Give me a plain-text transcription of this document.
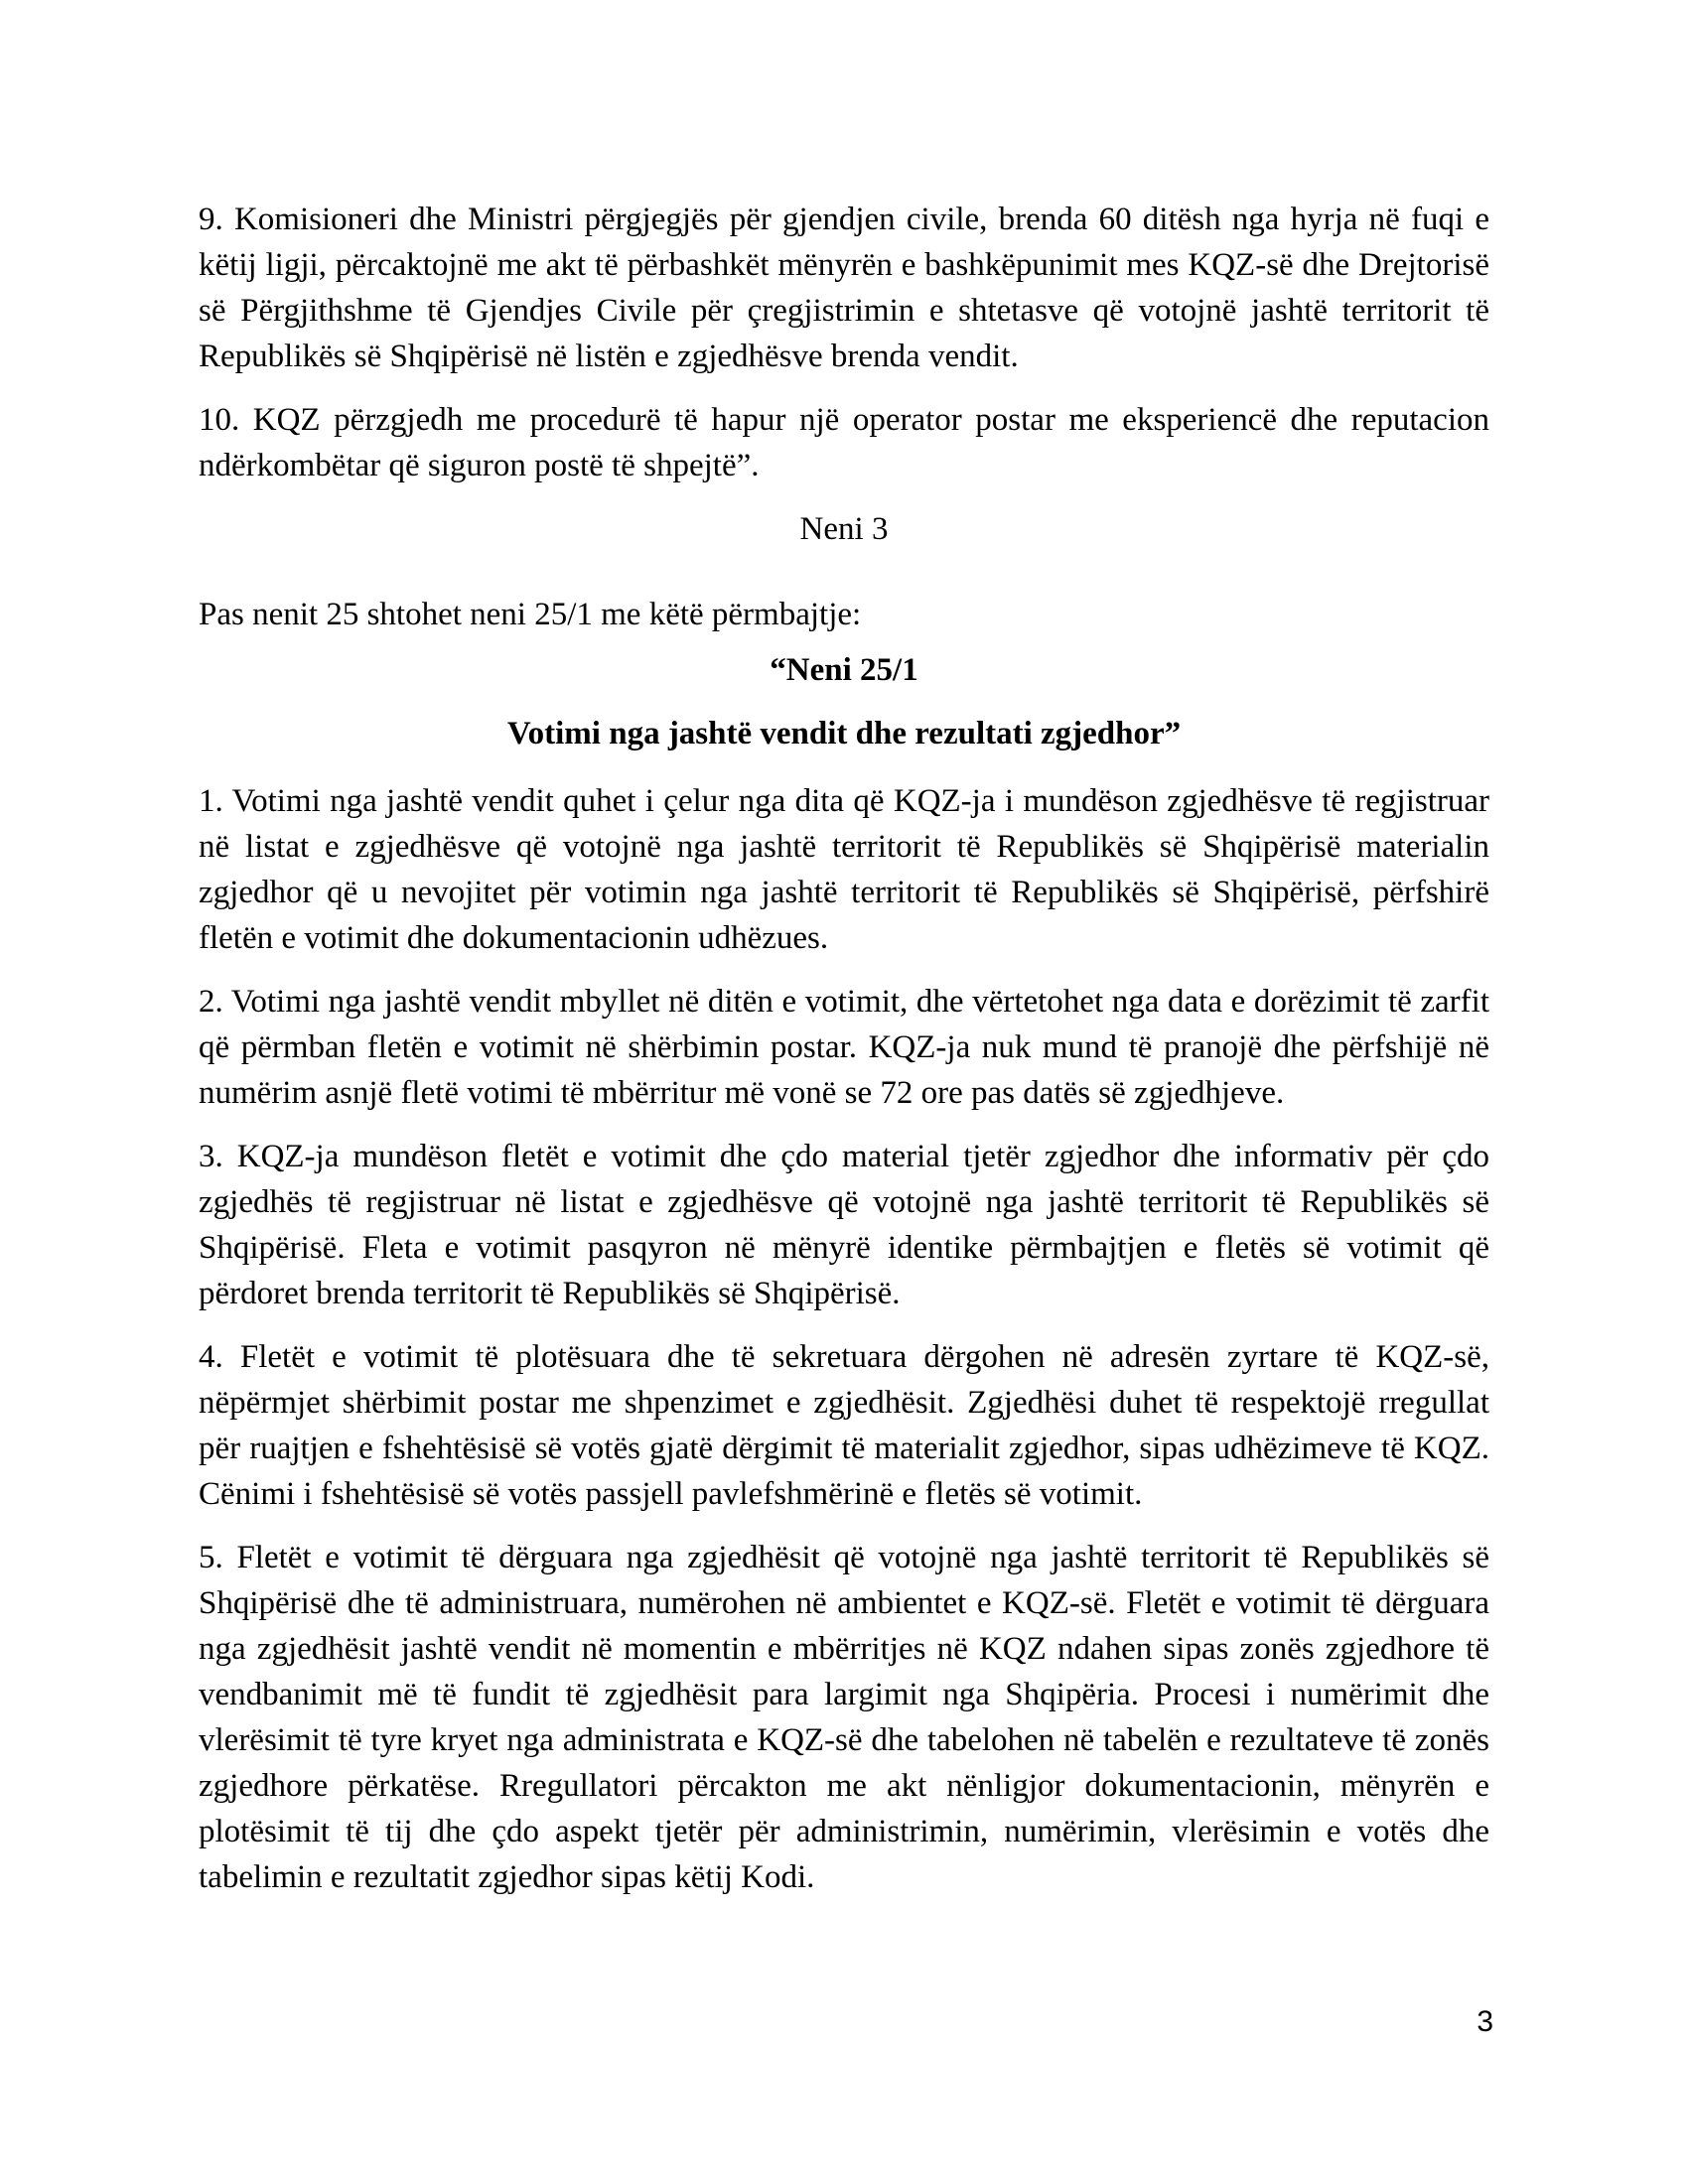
9. Komisioneri dhe Ministri përgjegjës për gjendjen civile, brenda 60 ditësh nga hyrja në fuqi e këtij ligji, përcaktojnë me akt të përbashkët mënyrën e bashkëpunimit mes KQZ-së dhe Drejtorisë së Përgjithshme të Gjendjes Civile për çregjistrimin e shtetasve që votojnë jashtë territorit të Republikës së Shqipërisë në listën e zgjedhësve brenda vendit.

10. KQZ përzgjedh me procedurë të hapur një operator postar me eksperiencë dhe reputacion ndërkombëtar që siguron postë të shpejtë”.

Neni 3

Pas nenit 25 shtohet neni 25/1 me këtë përmbajtje:

“Neni 25/1

Votimi nga jashtë vendit dhe rezultati zgjedhor”

1. Votimi nga jashtë vendit quhet i çelur nga dita që KQZ-ja i mundëson zgjedhësve të regjistruar në listat e zgjedhësve që votojnë nga jashtë territorit të Republikës së Shqipërisë materialin zgjedhor që u nevojitet për votimin nga jashtë territorit të Republikës së Shqipërisë, përfshirë fletën e votimit dhe dokumentacionin udhëzues.

2. Votimi nga jashtë vendit mbyllet në ditën e votimit, dhe vërtetohet nga data e dorëzimit të zarfit që përmban fletën e votimit në shërbimin postar. KQZ-ja nuk mund të pranojë dhe përfshijë në numërim asnjë fletë votimi të mbërritur më vonë se 72 ore pas datës së zgjedhjeve.

3. KQZ-ja mundëson fletët e votimit dhe çdo material tjetër zgjedhor dhe informativ për çdo zgjedhës të regjistruar në listat e zgjedhësve që votojnë nga jashtë territorit të Republikës së Shqipërisë. Fleta e votimit pasqyron në mënyrë identike përmbajtjen e fletës së votimit që përdoret brenda territorit të Republikës së Shqipërisë.

4. Fletët e votimit të plotësuara dhe të sekretuara dërgohen në adresën zyrtare të KQZ-së, nëpërmjet shërbimit postar me shpenzimet e zgjedhësit. Zgjedhësi duhet të respektojë rregullat për ruajtjen e fshehtësisë së votës gjatë dërgimit të materialit zgjedhor, sipas udhëzimeve të KQZ. Cënimi i fshehtësisë së votës passjell pavlefshmërinë e fletës së votimit.

5. Fletët e votimit të dërguara nga zgjedhësit që votojnë nga jashtë territorit të Republikës së Shqipërisë dhe të administruara, numërohen në ambientet e KQZ-së. Fletët e votimit të dërguara nga zgjedhësit jashtë vendit në momentin e mbërritjes në KQZ ndahen sipas zonës zgjedhore të vendbanimit më të fundit të zgjedhësit para largimit nga Shqipëria. Procesi i numërimit dhe vlerësimit të tyre kryet nga administrata e KQZ-së dhe tabelohen në tabelën e rezultateve të zonës zgjedhore përkatëse. Rregullatori përcakton me akt nënligjor dokumentacionin, mënyrën e plotësimit të tij dhe çdo aspekt tjetër për administrimin, numërimin, vlerësimin e votës dhe tabelimin e rezultatit zgjedhor sipas këtij Kodi.

3
